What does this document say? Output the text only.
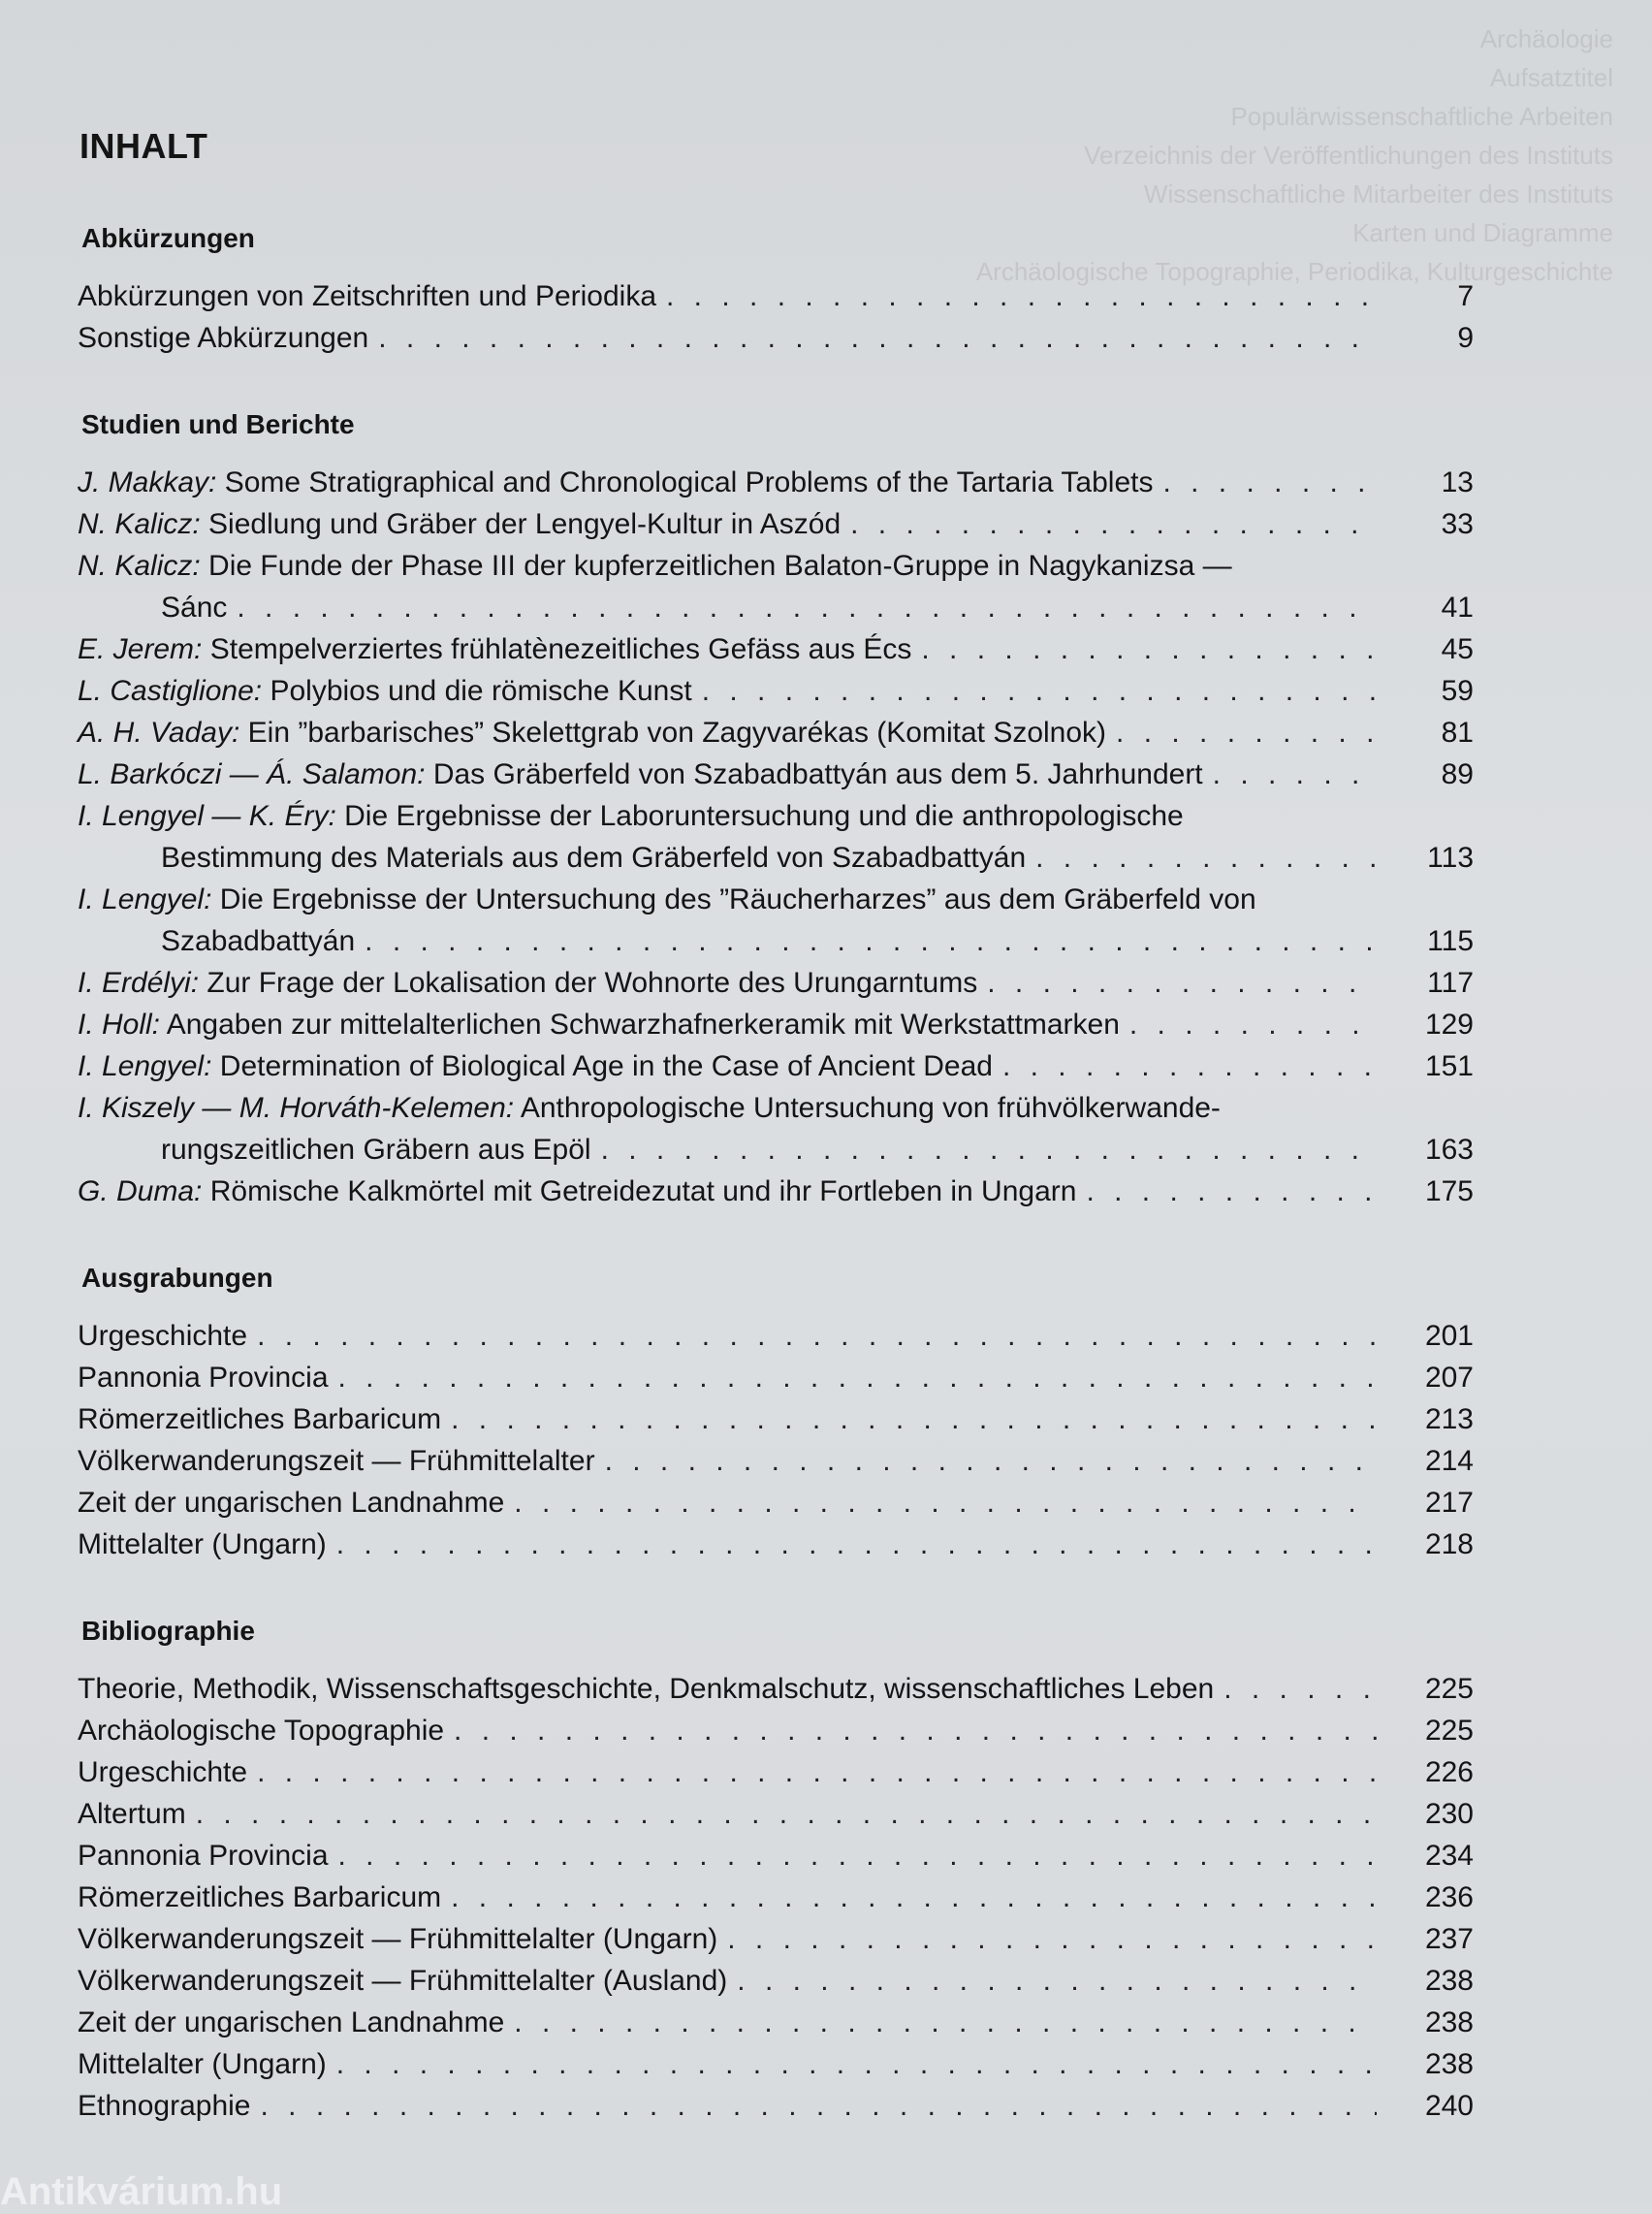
Archäologie
Aufsatztitel
Populärwissenschaftliche Arbeiten
Verzeichnis der Veröffentlichungen des Instituts
Wissenschaftliche Mitarbeiter des Instituts
Karten und Diagramme
Archäologische Topographie, Periodika, Kulturgeschichte
INHALT
Abkürzungen
Abkürzungen von Zeitschriften und Periodika . . .	7
Sonstige Abkürzungen . . .	9
Studien und Berichte
J. Makkay: Some Stratigraphical and Chronological Problems of the Tartaria Tablets . . .	13
N. Kalicz: Siedlung und Gräber der Lengyel-Kultur in Aszód . . .	33
N. Kalicz: Die Funde der Phase III der kupferzeitlichen Balaton-Gruppe in Nagykanizsa —
Sánc . . .	41
E. Jerem: Stempelverziertes frühlatènezeitliches Gefäss aus Écs . . .	45
L. Castiglione: Polybios und die römische Kunst . . .	59
A. H. Vaday: Ein ”barbarisches” Skelettgrab von Zagyvarékas (Komitat Szolnok) . . .	81
L. Barkóczi — Á. Salamon: Das Gräberfeld von Szabadbattyán aus dem 5. Jahrhundert . . .	89
I. Lengyel — K. Éry: Die Ergebnisse der Laboruntersuchung und die anthropologische
Bestimmung des Materials aus dem Gräberfeld von Szabadbattyán . . .	113
I. Lengyel: Die Ergebnisse der Untersuchung des ”Räucherharzes” aus dem Gräberfeld von
Szabadbattyán . . .	115
I. Erdélyi: Zur Frage der Lokalisation der Wohnorte des Urungarntums . . .	117
I. Holl: Angaben zur mittelalterlichen Schwarzhafnerkeramik mit Werkstattmarken . . .	129
I. Lengyel: Determination of Biological Age in the Case of Ancient Dead . . .	151
I. Kiszely — M. Horváth-Kelemen: Anthropologische Untersuchung von frühvölkerwande-
rungszeitlichen Gräbern aus Epöl . . .	163
G. Duma: Römische Kalkmörtel mit Getreidezutat und ihr Fortleben in Ungarn . . .	175
Ausgrabungen
Urgeschichte . . .	201
Pannonia Provincia . . .	207
Römerzeitliches Barbaricum . . .	213
Völkerwanderungszeit — Frühmittelalter . . .	214
Zeit der ungarischen Landnahme . . .	217
Mittelalter (Ungarn) . . .	218
Bibliographie
Theorie, Methodik, Wissenschaftsgeschichte, Denkmalschutz, wissenschaftliches Leben . . .	225
Archäologische Topographie . . .	225
Urgeschichte . . .	226
Altertum . . .	230
Pannonia Provincia . . .	234
Römerzeitliches Barbaricum . . .	236
Völkerwanderungszeit — Frühmittelalter (Ungarn) . . .	237
Völkerwanderungszeit — Frühmittelalter (Ausland) . . .	238
Zeit der ungarischen Landnahme . . .	238
Mittelalter (Ungarn) . . .	238
Ethnographie . . .	240
Antikvárium.hu
